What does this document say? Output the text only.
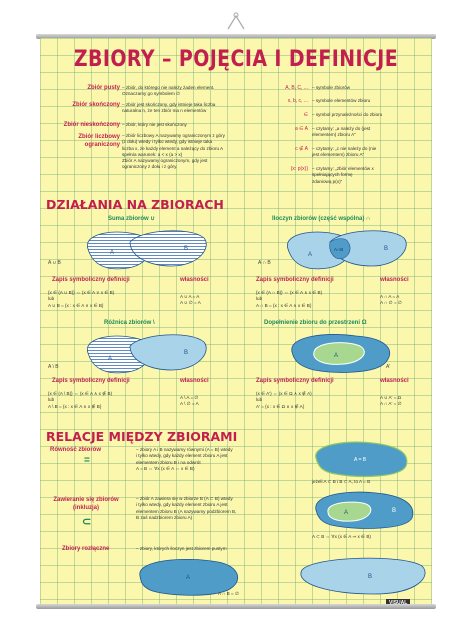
ZBIORY – POJĘCIA I DEFINICJE
Zbiór pusty – zbiór, do którego nie należy żaden element.
Oznaczamy go symbolem ∅
Zbiór skończony – zbiór jest skończony, gdy istnieje taka liczba
naturalna n, że ten zbiór ma n elementów
Zbiór nieskończony – zbiór, który nie jest skończony
Zbiór liczbowy ograniczony
– zbiór liczbowy A nazywamy ograniczonym z góry
(z dołu) wtedy i tylko wtedy, gdy istnieje taka
liczba x, że każdy element a należący do zbioru A
spełnia warunek: a < x (a > x)
Zbiór A nazywamy ograniczonym, gdy jest
ograniczony z dołu i z góry.
A, B, C, ... – symbole zbiorów
x, b, c, ... – symbole elementów zbioru
∈ – symbol przynależności do zbioru
a ∈ A – czytamy: „a należy do (jest
elementem) zbioru A"
c ∉ A – czytamy: „c nie należy do (nie
jest elementem) zbioru A"
{x: p(x)} – czytamy: „zbiór elementów x
spełniających formę
zdaniową p(x)"
DZIAŁANIA NA ZBIORACH
Suma zbiorów ∪
A
B
A ∪ B
Zapis symboliczny definicji	własności
{x ∈ (A ∪ B)} ⇔ (x ∈ A ∨ x ∈ B)
lub
A ∪ B = {x : x ∈ A ∨ x ∈ B}
A ∪ A = A
A ∪ ∅ = A
Iloczyn zbiorów (część wspólna) ∩
A
A∩B	B
A ∩ B
Zapis symboliczny definicji	własności
{x ∈ (A ∩ B)} ⇔ (x ∈ A ∧ x ∈ B)
lub
A ∩ B = {x : x ∈ A ∧ x ∈ B}
A ∩ A = A
A ∩ ∅ = ∅
Różnica zbiorów \
A
B
A \ B
Zapis symboliczny definicji	własności
{x ∈ (A \ B)} ⇔ (x ∈ A ∧ x ∉ B)
lub
A \ B = {x : x ∈ A ∧ x ∉ B}
A \ A = ∅
A \ ∅ = A
Dopełnienie zbioru do przestrzeni Ω
A
A'
Zapis symboliczny definicji	własności
(x ∈ A') ⇔ (x ∈ Ω ∧ x ∉ A)
lub
A' = {x : x ∈ Ω ∧ x ∉ A}
A ∪ A' = Ω
A ∩ A' = ∅
RELACJE MIĘDZY ZBIORAMI
Równość zbiorów
=
– zbiory A i B nazywamy równymi (A = B) wtedy
i tylko wtedy, gdy każdy element zbioru A jest
elementem zbioru B i na odwrót
A = B ⇔ ∀x (x ∈ A ⇔ x ∈ B)
A = B
jeżeli A ⊂ B i B ⊂ A, to A = B
Zawieranie się zbiorów (inkluzja)
⊂
– zbiór A zawiera się w zbiorze B (A ⊂ B) wtedy
i tylko wtedy, gdy każdy element zbioru A jest
elementem zbioru B (A nazywamy podzbiorem B,
B zaś nadzbiorem zbioru A)
A	B
A ⊂ B ⇔ ∀x (x ∈ A ⇒ x ∈ B)
Zbiory rozłączne	– zbiory, których iloczyn jest zbiorem pustym
A	B
A ∩ B = ∅
VISUAL
